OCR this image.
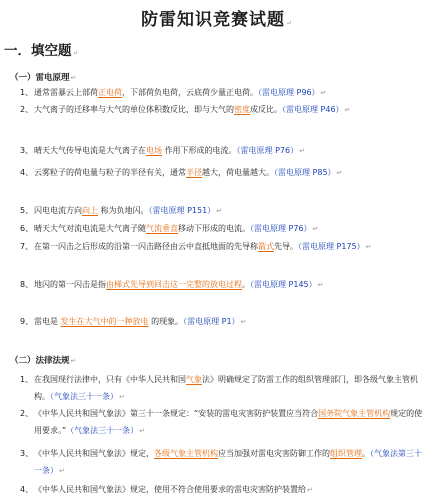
防雷知识竞赛试题↵
一．填空题↵
（一）雷电原理↵
1、 通常雷暴云上部荷正电荷，下部荷负电荷，云底荷少量正电荷。（雷电原理 P96）↵
2、 大气离子的迁移率与大气的单位体积数反比，即与大气的密度成反比。（雷电原理 P46）↵
3、 晴天大气传导电流是大气离子在电场 作用下形成的电流。（雷电原理 P76）↵
4、 云雾粒子的荷电量与粒子的半径有关，通常半径越大，荷电量越大。（雷电原理 P85）↵
5、 闪电电流方向向上 称为负地闪。（雷电原理 P151）↵
6、 晴天大气对流电流是大气离子随气流垂直移动下形成的电流。（雷电原理 P76）↵
7、 在第一闪击之后形成的沿第一闪击路径由云中直抵地面的先导称箭式先导。（雷电原理 P175）↵
8、 地闪的第一闪击是指由梯式先导到回击这一完整的放电过程。（雷电原理 P145）↵
9、 雷电是 发生在大气中的一种放电 的现象。（雷电原理 P1）↵
（二）法律法规↵
1、 在我国现行法律中，只有《中华人民共和国气象法》明确规定了防雷工作的组织管理部门，即各级气象主管机构。（气象法三十一条）↵
2、 《中华人民共和国气象法》第三十一条规定：“安装的雷电灾害防护装置应当符合国务院气象主管机构规定的使用要求。”（气象法三十一条）↵
3、 《中华人民共和国气象法》规定，各级气象主管机构应当加强对雷电灾害防御工作的组织管理。（气象法第三十一条）↵
4、 《中华人民共和国气象法》规定，使用不符合使用要求的雷电灾害防护装置给↵
